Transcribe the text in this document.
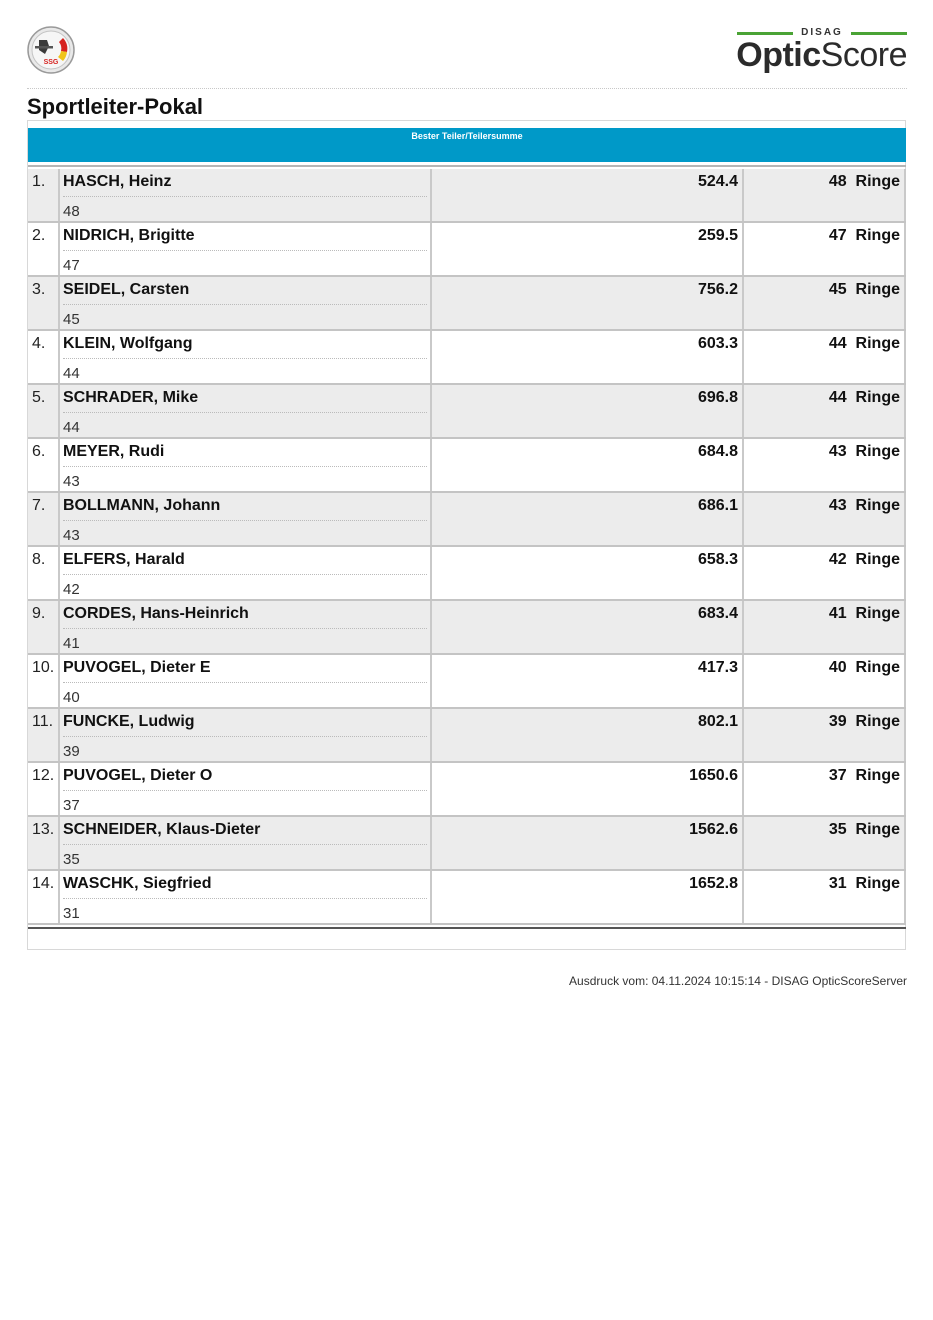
SSG
DISAG
OpticScore
Sportleiter-Pokal
Bester Teiler/Teilersumme
1. HASCH, Heinz
48
524.4	48  Ringe
2. NIDRICH, Brigitte
47
259.5	47  Ringe
3. SEIDEL, Carsten
45
756.2	45  Ringe
4. KLEIN, Wolfgang
44
603.3	44  Ringe
5. SCHRADER, Mike
44
696.8	44  Ringe
6. MEYER, Rudi
43
684.8	43  Ringe
7. BOLLMANN, Johann
43
686.1	43  Ringe
8. ELFERS, Harald
42
658.3	42  Ringe
9. CORDES, Hans-Heinrich
41
683.4	41  Ringe
10. PUVOGEL, Dieter E
40
417.3	40  Ringe
11. FUNCKE, Ludwig
39
802.1	39  Ringe
12. PUVOGEL, Dieter O
37
1650.6	37  Ringe
13. SCHNEIDER, Klaus-Dieter
35
1562.6	35  Ringe
14. WASCHK, Siegfried
31
1652.8	31  Ringe
Ausdruck vom: 04.11.2024 10:15:14 - DISAG OpticScoreServer
